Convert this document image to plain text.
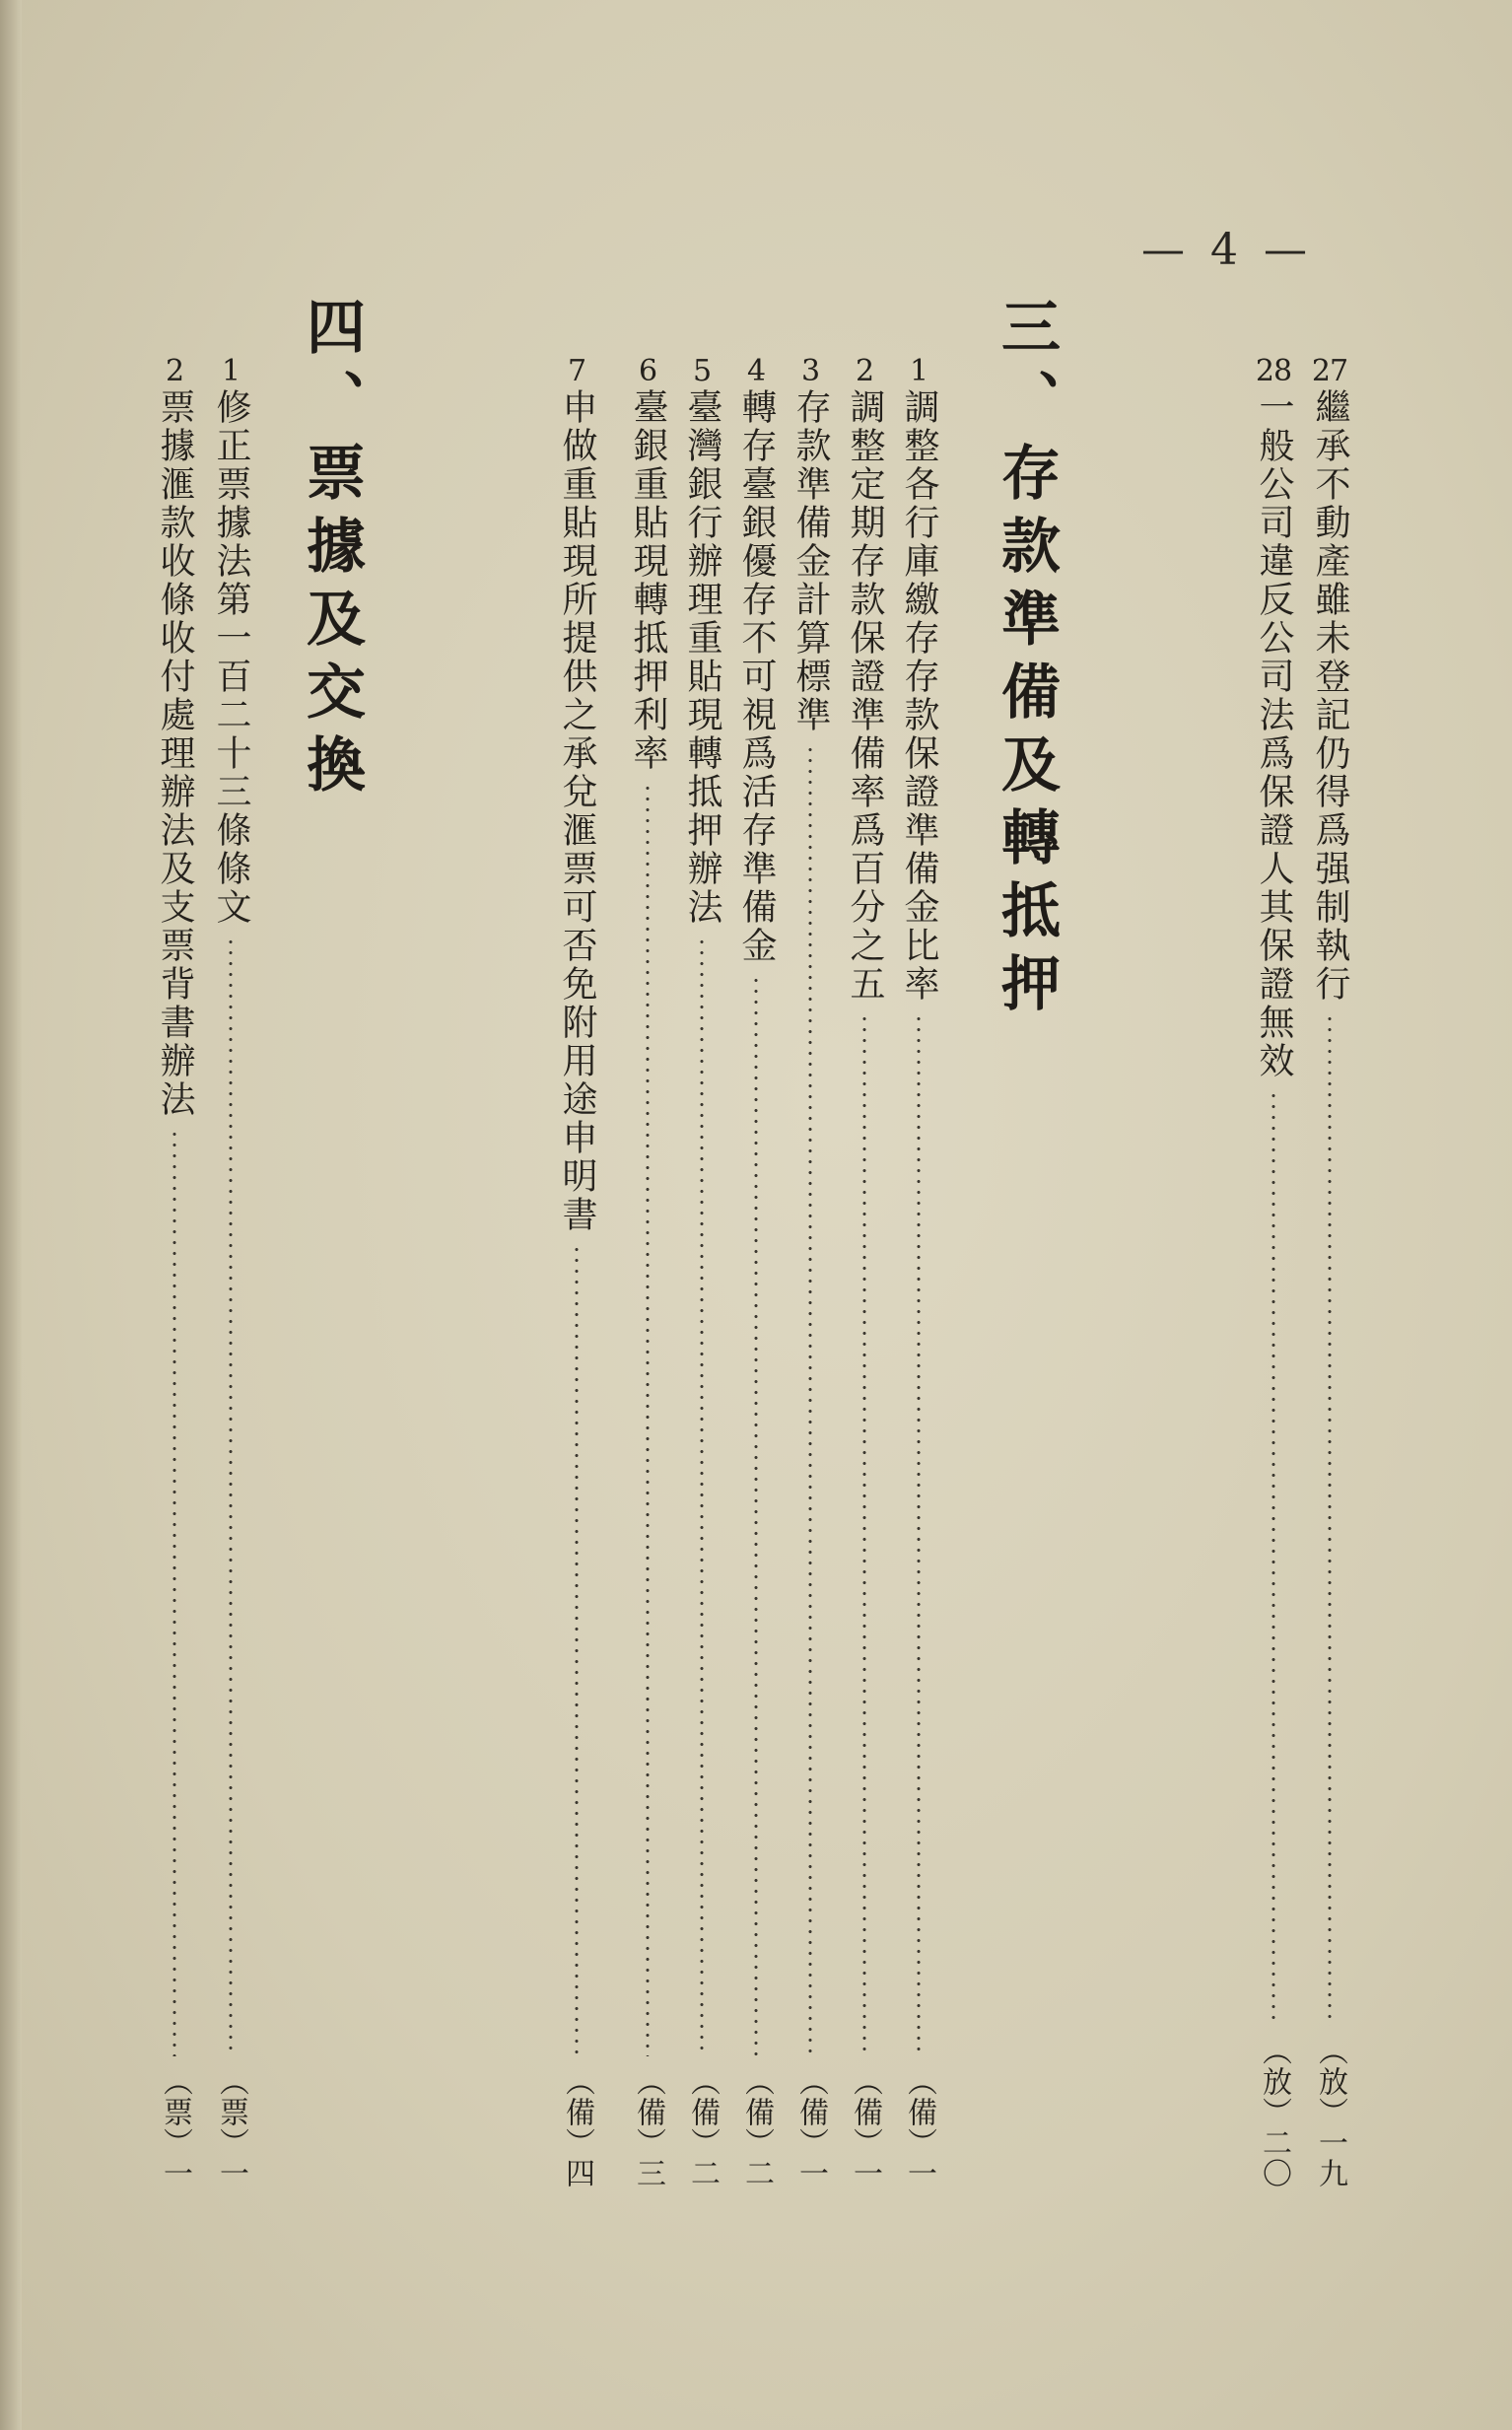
— 4 —
27
繼承不動產雖未登記仍得爲强制執行
（放）一九
28
一般公司違反公司法爲保證人其保證無效
（放）二〇
三、存款準備及轉抵押
1
調整各行庫繳存存款保證準備金比率
（備）一
2
調整定期存款保證準備率爲百分之五
（備）一
3
存款準備金計算標準
（備）一
4
轉存臺銀優存不可視爲活存準備金
（備）二
5
臺灣銀行辦理重貼現轉抵押辦法
（備）二
6
臺銀重貼現轉抵押利率
（備）三
7
申做重貼現所提供之承兌滙票可否免附用途申明書
（備）四
四、票據及交換
1
修正票據法第一百二十三條條文
（票）一
2
票據滙款收條收付處理辦法及支票背書辦法
（票）一
